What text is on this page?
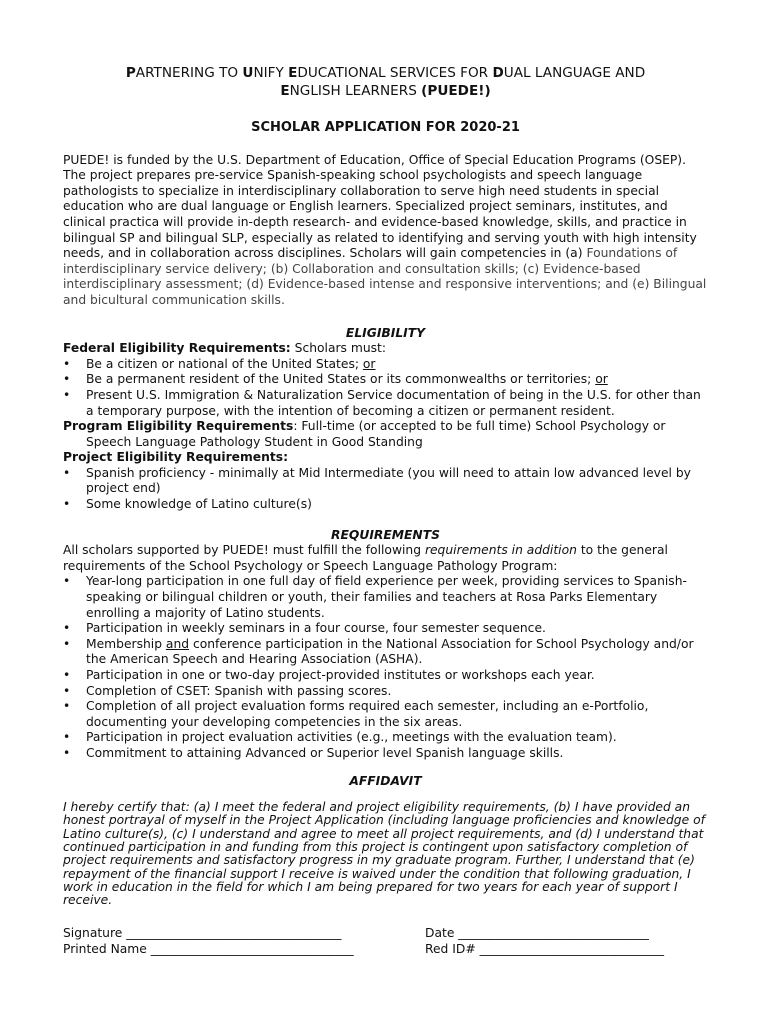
PARTNERING TO UNIFY EDUCATIONAL SERVICES FOR DUAL LANGUAGE AND
ENGLISH LEARNERS (PUEDE!)
SCHOLAR APPLICATION FOR 2020-21

PUEDE! is funded by the U.S. Department of Education, Office of Special Education Programs (OSEP). The project prepares pre-service Spanish-speaking school psychologists and speech language pathologists to specialize in interdisciplinary collaboration to serve high need students in special education who are dual language or English learners. Specialized project seminars, institutes, and clinical practica will provide in-depth research- and evidence-based knowledge, skills, and practice in bilingual SP and bilingual SLP, especially as related to identifying and serving youth with high intensity needs, and in collaboration across disciplines. Scholars will gain competencies in (a) Foundations of interdisciplinary service delivery; (b) Collaboration and consultation skills; (c) Evidence-based interdisciplinary assessment; (d) Evidence-based intense and responsive interventions; and (e) Bilingual and bicultural communication skills.

ELIGIBILITY
Federal Eligibility Requirements: Scholars must:
• Be a citizen or national of the United States; or
• Be a permanent resident of the United States or its commonwealths or territories; or
• Present U.S. Immigration & Naturalization Service documentation of being in the U.S. for other than a temporary purpose, with the intention of becoming a citizen or permanent resident.
Program Eligibility Requirements: Full-time (or accepted to be full time) School Psychology or
Speech Language Pathology Student in Good Standing
Project Eligibility Requirements:
• Spanish proficiency - minimally at Mid Intermediate (you will need to attain low advanced level by project end)
• Some knowledge of Latino culture(s)
REQUIREMENTS
All scholars supported by PUEDE! must fulfill the following requirements in addition to the general requirements of the School Psychology or Speech Language Pathology Program:
• Year-long participation in one full day of field experience per week, providing services to Spanish-speaking or bilingual children or youth, their families and teachers at Rosa Parks Elementary enrolling a majority of Latino students.
• Participation in weekly seminars in a four course, four semester sequence.
• Membership and conference participation in the National Association for School Psychology and/or the American Speech and Hearing Association (ASHA).
• Participation in one or two-day project-provided institutes or workshops each year.
• Completion of CSET: Spanish with passing scores.
• Completion of all project evaluation forms required each semester, including an e-Portfolio, documenting your developing competencies in the six areas.
• Participation in project evaluation activities (e.g., meetings with the evaluation team).
• Commitment to attaining Advanced or Superior level Spanish language skills.
AFFIDAVIT

I hereby certify that: (a) I meet the federal and project eligibility requirements, (b) I have provided an honest portrayal of myself in the Project Application (including language proficiencies and knowledge of Latino culture(s), (c) I understand and agree to meet all project requirements, and (d) I understand that continued participation in and funding from this project is contingent upon satisfactory completion of project requirements and satisfactory progress in my graduate program. Further, I understand that (e) repayment of the financial support I receive is waived under the condition that following graduation, I work in education in the field for which I am being prepared for two years for each year of support I receive.

Signature ___________________________________	Date _______________________________
Printed Name _________________________________	Red ID# ______________________________
